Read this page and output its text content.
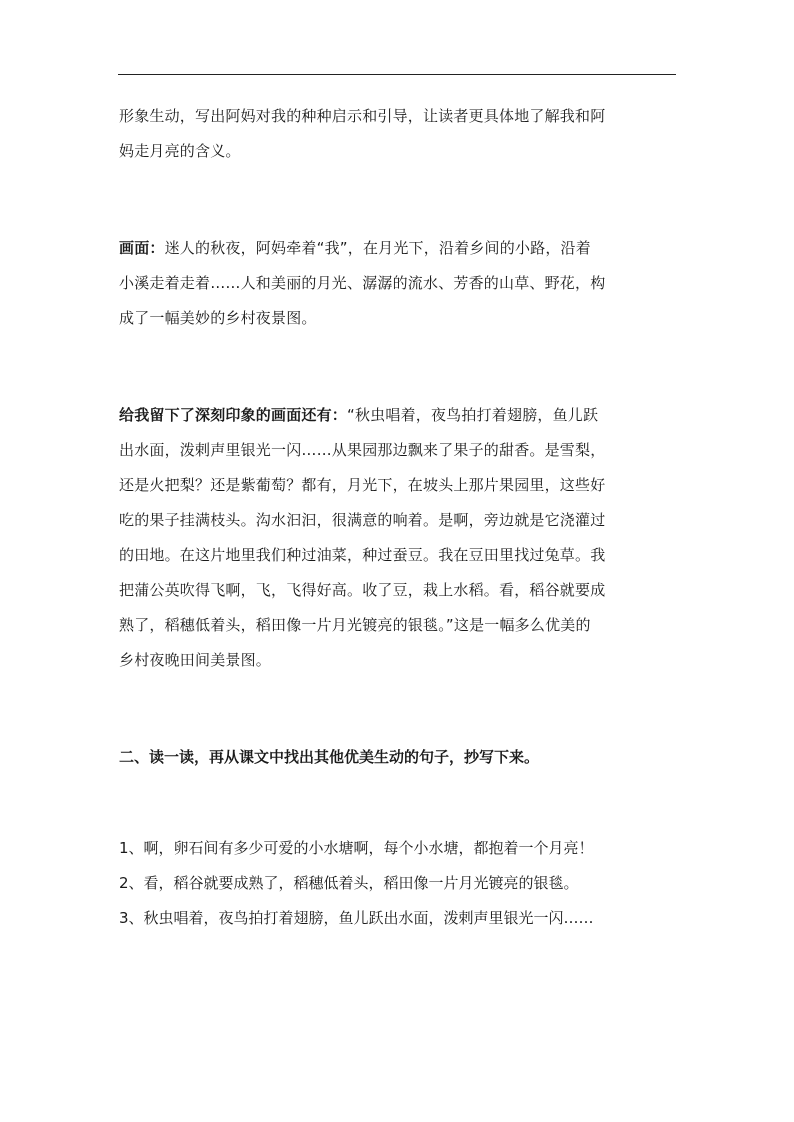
形象生动，写出阿妈对我的种种启示和引导，让读者更具体地了解我和阿
妈走月亮的含义。

画面：迷人的秋夜，阿妈牵着“我”，在月光下，沿着乡间的小路，沿着
小溪走着走着……人和美丽的月光、潺潺的流水、芳香的山草、野花，构
成了一幅美妙的乡村夜景图。

给我留下了深刻印象的画面还有：“秋虫唱着，夜鸟拍打着翅膀，鱼儿跃
出水面，泼剌声里银光一闪……从果园那边飘来了果子的甜香。是雪梨，
还是火把梨？还是紫葡萄？都有，月光下，在坡头上那片果园里，这些好
吃的果子挂满枝头。沟水汩汩，很满意的响着。是啊，旁边就是它浇灌过
的田地。在这片地里我们种过油菜，种过蚕豆。我在豆田里找过兔草。我
把蒲公英吹得飞啊，飞，飞得好高。收了豆，栽上水稻。看，稻谷就要成
熟了，稻穗低着头，稻田像一片月光镀亮的银毯。”这是一幅多么优美的
乡村夜晚田间美景图。

二、读一读，再从课文中找出其他优美生动的句子，抄写下来。

1、啊，卵石间有多少可爱的小水塘啊，每个小水塘，都抱着一个月亮！

2、看，稻谷就要成熟了，稻穗低着头，稻田像一片月光镀亮的银毯。

3、秋虫唱着，夜鸟拍打着翅膀，鱼儿跃出水面，泼剌声里银光一闪……
